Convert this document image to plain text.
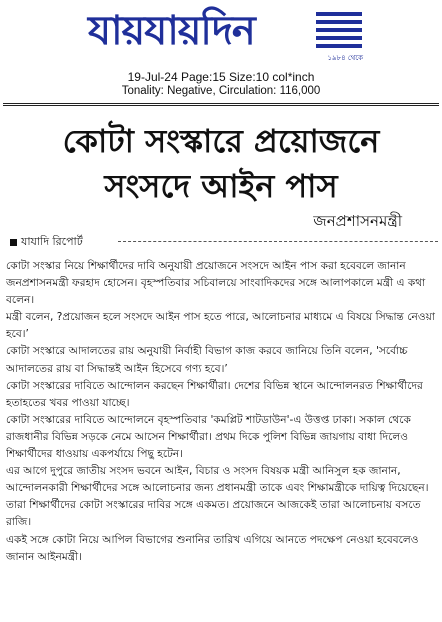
যায়যায়দিন
১৯৮৪ থেকে
19-Jul-24 Page:15 Size:10 col*inch
Tonality: Negative, Circulation: 116,000
কোটা সংস্কারে প্রয়োজনে
সংসদে আইন পাস
জনপ্রশাসনমন্ত্রী
যাযাদি রিপোর্ট

কোটা সংস্কার নিয়ে শিক্ষার্থীদের দাবি অনুযায়ী প্রয়োজনে সংসদে আইন পাস করা হবেবলে জানান জনপ্রশাসনমন্ত্রী ফরহাদ হোসেন। বৃহস্পতিবার সচিবালয়ে সাংবাদিকদের সঙ্গে আলাপকালে মন্ত্রী এ কথা বলেন।

মন্ত্রী বলেন, ?প্রয়োজন হলে সংসদে আইন পাস হতে পারে, আলোচনার মাধ্যমে এ বিষয়ে সিদ্ধান্ত নেওয়া হবে।’

কোটা সংস্কারে আদালতের রায় অনুযায়ী নির্বাহী বিভাগ কাজ করবে জানিয়ে তিনি বলেন, 'সর্বোচ্চ আদালতের রায় বা সিদ্ধান্তই আইন হিসেবে গণ্য হবে।’

কোটা সংস্কারের দাবিতে আন্দোলন করছেন শিক্ষার্থীরা। দেশের বিভিন্ন স্থানে আন্দোলনরত শিক্ষার্থীদের হতাহতের খবর পাওয়া যাচ্ছে।

কোটা সংস্কারের দাবিতে আন্দোলনে বৃহস্পতিবার 'কমপ্লিট শাটডাউন'-এ উত্তপ্ত ঢাকা। সকাল থেকে রাজধানীর বিভিন্ন সড়কে নেমে আসেন শিক্ষার্থীরা। প্রথম দিকে পুলিশ বিভিন্ন জায়গায় বাধা দিলেও শিক্ষার্থীদের ধাওয়ায় একপর্যায়ে পিছু হটেন।

এর আগে দুপুরে জাতীয় সংসদ ভবনে আইন, বিচার ও সংসদ বিষয়ক মন্ত্রী আনিসুল হক জানান, আন্দোলনকারী শিক্ষার্থীদের সঙ্গে আলোচনার জন্য প্রধানমন্ত্রী তাকে এবং শিক্ষামন্ত্রীকে দায়িত্ব দিয়েছেন। তারা শিক্ষার্থীদের কোটা সংস্কারের দাবির সঙ্গে একমত। প্রয়োজনে আজকেই তারা আলোচনায় বসতে রাজি।

একই সঙ্গে কোটা নিয়ে আপিল বিভাগের শুনানির তারিখ এগিয়ে আনতে পদক্ষেপ নেওয়া হবেবলেও জানান আইনমন্ত্রী।
